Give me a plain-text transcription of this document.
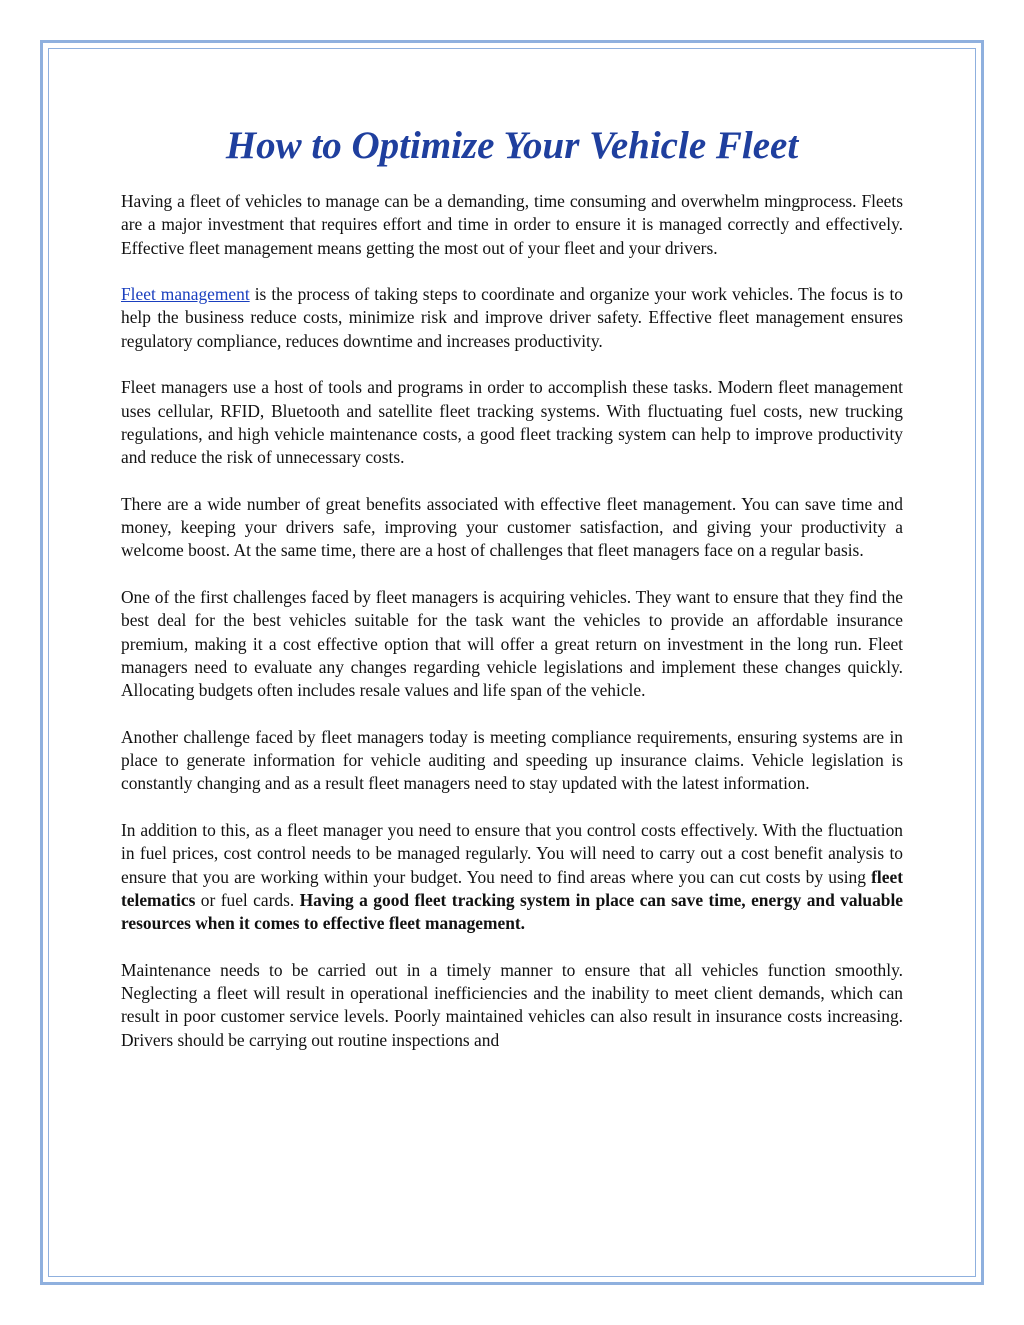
How to Optimize Your Vehicle Fleet

Having a fleet of vehicles to manage can be a demanding, time consuming and overwhelm mingprocess. Fleets are a major investment that requires effort and time in order to ensure it is managed correctly and effectively. Effective fleet management means getting the most out of your fleet and your drivers.

Fleet management is the process of taking steps to coordinate and organize your work vehicles. The focus is to help the business reduce costs, minimize risk and improve driver safety. Effective fleet management ensures regulatory compliance, reduces downtime and increases productivity.

Fleet managers use a host of tools and programs in order to accomplish these tasks. Modern fleet management uses cellular, RFID, Bluetooth and satellite fleet tracking systems. With fluctuating fuel costs, new trucking regulations, and high vehicle maintenance costs, a good fleet tracking system can help to improve productivity and reduce the risk of unnecessary costs.

There are a wide number of great benefits associated with effective fleet management. You can save time and money, keeping your drivers safe, improving your customer satisfaction, and giving your productivity a welcome boost. At the same time, there are a host of challenges that fleet managers face on a regular basis.

One of the first challenges faced by fleet managers is acquiring vehicles. They want to ensure that they find the best deal for the best vehicles suitable for the task want the vehicles to provide an affordable insurance premium, making it a cost effective option that will offer a great return on investment in the long run. Fleet managers need to evaluate any changes regarding vehicle legislations and implement these changes quickly. Allocating budgets often includes resale values and life span of the vehicle.

Another challenge faced by fleet managers today is meeting compliance requirements, ensuring systems are in place to generate information for vehicle auditing and speeding up insurance claims. Vehicle legislation is constantly changing and as a result fleet managers need to stay updated with the latest information.

In addition to this, as a fleet manager you need to ensure that you control costs effectively. With the fluctuation in fuel prices, cost control needs to be managed regularly. You will need to carry out a cost benefit analysis to ensure that you are working within your budget. You need to find areas where you can cut costs by using fleet telematics or fuel cards. Having a good fleet tracking system in place can save time, energy and valuable resources when it comes to effective fleet management.

Maintenance needs to be carried out in a timely manner to ensure that all vehicles function smoothly. Neglecting a fleet will result in operational inefficiencies and the inability to meet client demands, which can result in poor customer service levels. Poorly maintained vehicles can also result in insurance costs increasing. Drivers should be carrying out routine inspections and
